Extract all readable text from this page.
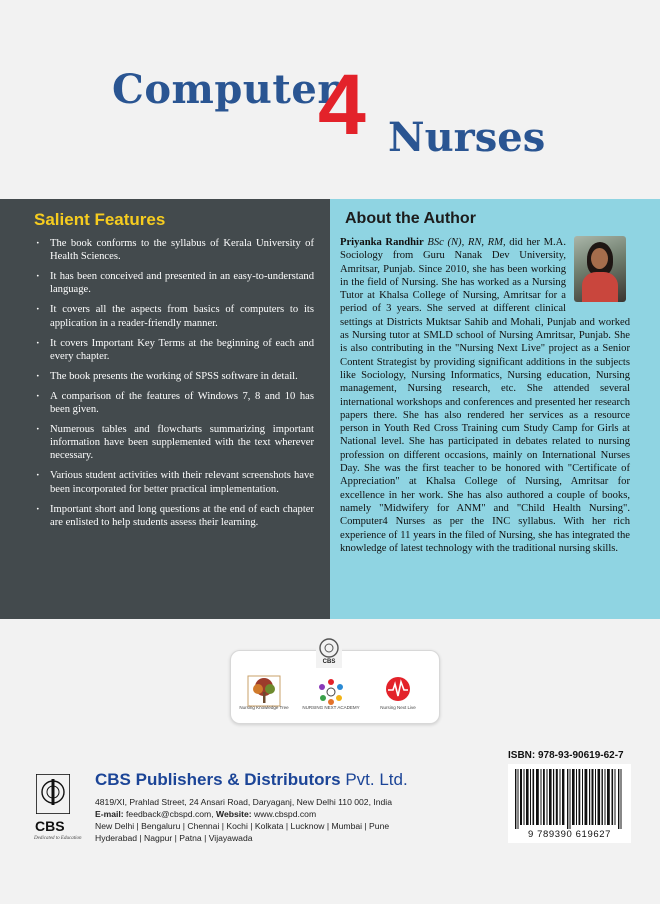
Computer
4 Nurses
Salient Features
· The book conforms to the syllabus of Kerala University of Health Sciences.
· It has been conceived and presented in an easy-to-understand language.
· It covers all the aspects from basics of computers to its application in a reader-friendly manner.
· It covers Important Key Terms at the beginning of each and every chapter.
· The book presents the working of SPSS software in detail.
· A comparison of the features of Windows 7, 8 and 10 has been given.
· Numerous tables and flowcharts summarizing important information have been supplemented with the text wherever necessary.
· Various student activities with their relevant screenshots have been incorporated for better practical implementation.
· Important short and long questions at the end of each chapter are enlisted to help students assess their learning.
About the Author

Priyanka Randhir BSc (N), RN, RM, did her M.A. Sociology from Guru Nanak Dev University, Amritsar, Punjab. Since 2010, she has been working in the field of Nursing. She has worked as a Nursing Tutor at Khalsa College of Nursing, Amritsar for a period of 3 years. She served at different clinical settings at Districts Muktsar Sahib and Mohali, Punjab and worked as Nursing tutor at SMLD school of Nursing Amritsar, Punjab. She is also contributing in the "Nursing Next Live" project as a Senior Content Strategist by providing significant additions in the subjects like Sociology, Nursing Informatics, Nursing education, Nursing management, Nursing research, etc. She attended several international workshops and conferences and presented her research papers there. She has also rendered her services as a resource person in Youth Red Cross Training cum Study Camp for Girls at National level. She has participated in debates related to nursing profession on different occasions, mainly on International Nurses Day. She was the first teacher to be honored with "Certificate of Appreciation" at Khalsa College of Nursing, Amritsar for excellence in her work. She has also authored a couple of books, namely "Midwifery for ANM" and "Child Health Nursing". Computer4 Nurses as per the INC syllabus. With her rich experience of 11 years in the filed of Nursing, she has integrated the knowledge of latest technology with the traditional nursing skills.

CBS
Nursing Knowledge Tree	NURSING NEXT ACADEMY	Nursing Next Live
ISBN: 978-93-90619-62-7
9 789390 619627
CBS
Dedicated to Education
CBS Publishers & Distributors Pvt. Ltd.
4819/XI, Prahlad Street, 24 Ansari Road, Daryaganj, New Delhi 110 002, India
E-mail: feedback@cbspd.com, Website: www.cbspd.com
New Delhi | Bengaluru | Chennai | Kochi | Kolkata | Lucknow | Mumbai | Pune
Hyderabad | Nagpur | Patna | Vijayawada
